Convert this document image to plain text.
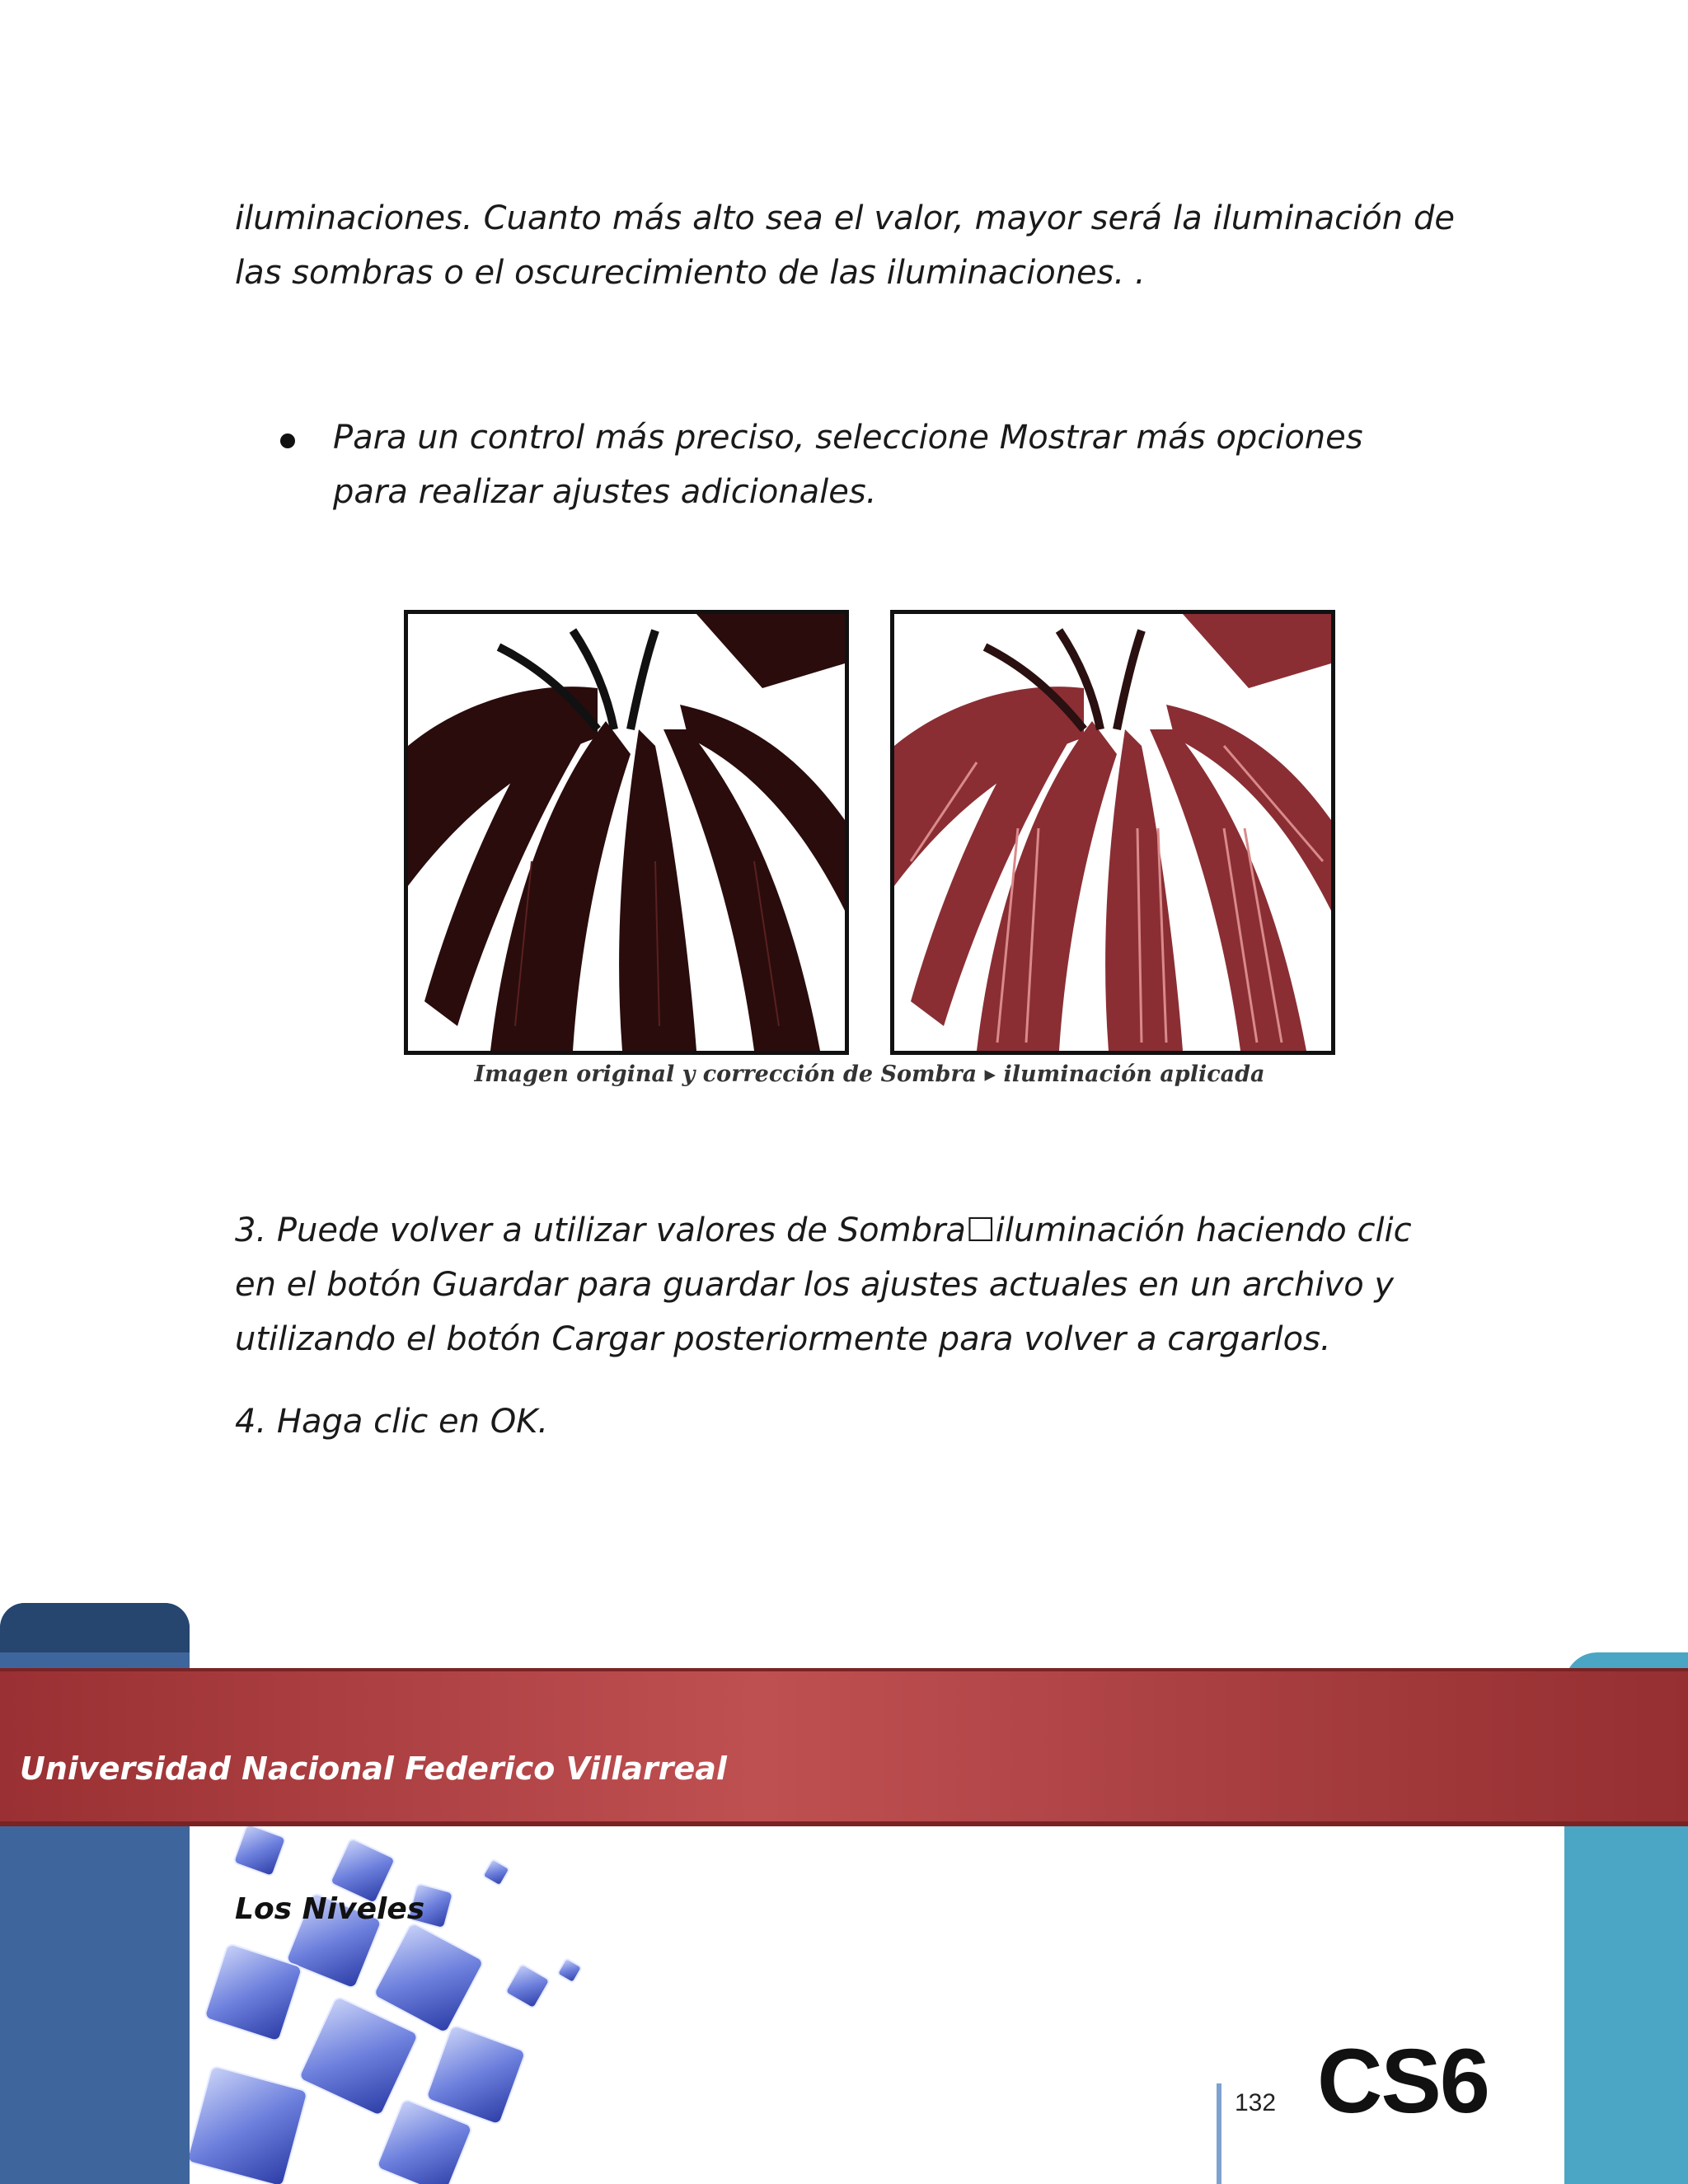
iluminaciones. Cuanto más alto sea el valor, mayor será la iluminación de las sombras o el oscurecimiento de las iluminaciones. .

Para un control más preciso, seleccione Mostrar más opciones para realizar ajustes adicionales.

Imagen original y corrección de Sombra ▸ iluminación aplicada

3. Puede volver a utilizar valores de Sombra☐iluminación haciendo clic en el botón Guardar para guardar los ajustes actuales en un archivo y utilizando el botón Cargar posteriormente para volver a cargarlos.

4. Haga clic en OK.

Universidad Nacional Federico Villarreal
Los Niveles
132 CS6
